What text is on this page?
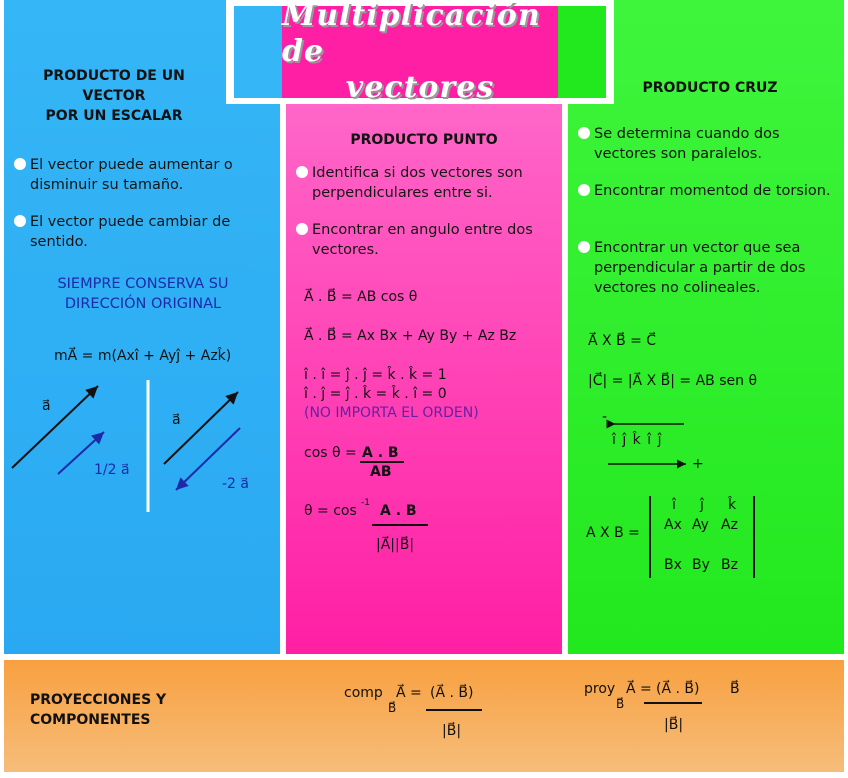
Multiplicación de
vectores
PRODUCTO DE UN VECTOR
POR UN ESCALAR
El vector puede aumentar o disminuir su tamaño.
El vector puede cambiar de sentido.
SIEMPRE CONSERVA SU DIRECCIÓN ORIGINAL
mA⃗ = m(Axî + Ayĵ + Azk̂)
a⃗
1/2 a⃗
a⃗
-2 a⃗
PRODUCTO PUNTO
Identifica si dos vectores son perpendiculares entre si.
Encontrar en angulo entre dos vectores.
A⃗ . B⃗ = AB cos θ
A⃗ . B⃗ = Ax Bx + Ay By + Az Bz
î . î = ĵ . ĵ = k̂ . k̂ = 1
î . ĵ = ĵ . k̂ = k̂ . î = 0
(NO IMPORTA EL ORDEN)
cos θ = A . B
AB
θ = cos -1 A . B
|A⃗||B⃗|
PRODUCTO CRUZ
Se determina cuando dos vectores son paralelos.
Encontrar momentod de torsion.
Encontrar un vector que sea perpendicular a partir de dos vectores no colineales.
A⃗ X B⃗ = C⃗
|C⃗| = |A⃗ X B⃗| = AB sen θ
-
î ĵ k̂ î ĵ
+
A X B =
î ĵ k̂
Ax Ay Az
Bx By Bz
PROYECCIONES Y COMPONENTES
comp
B⃗
A⃗ = (A⃗ . B⃗)
|B⃗|
proy
B⃗
A⃗ = (A⃗ . B⃗) B⃗
|B⃗|
